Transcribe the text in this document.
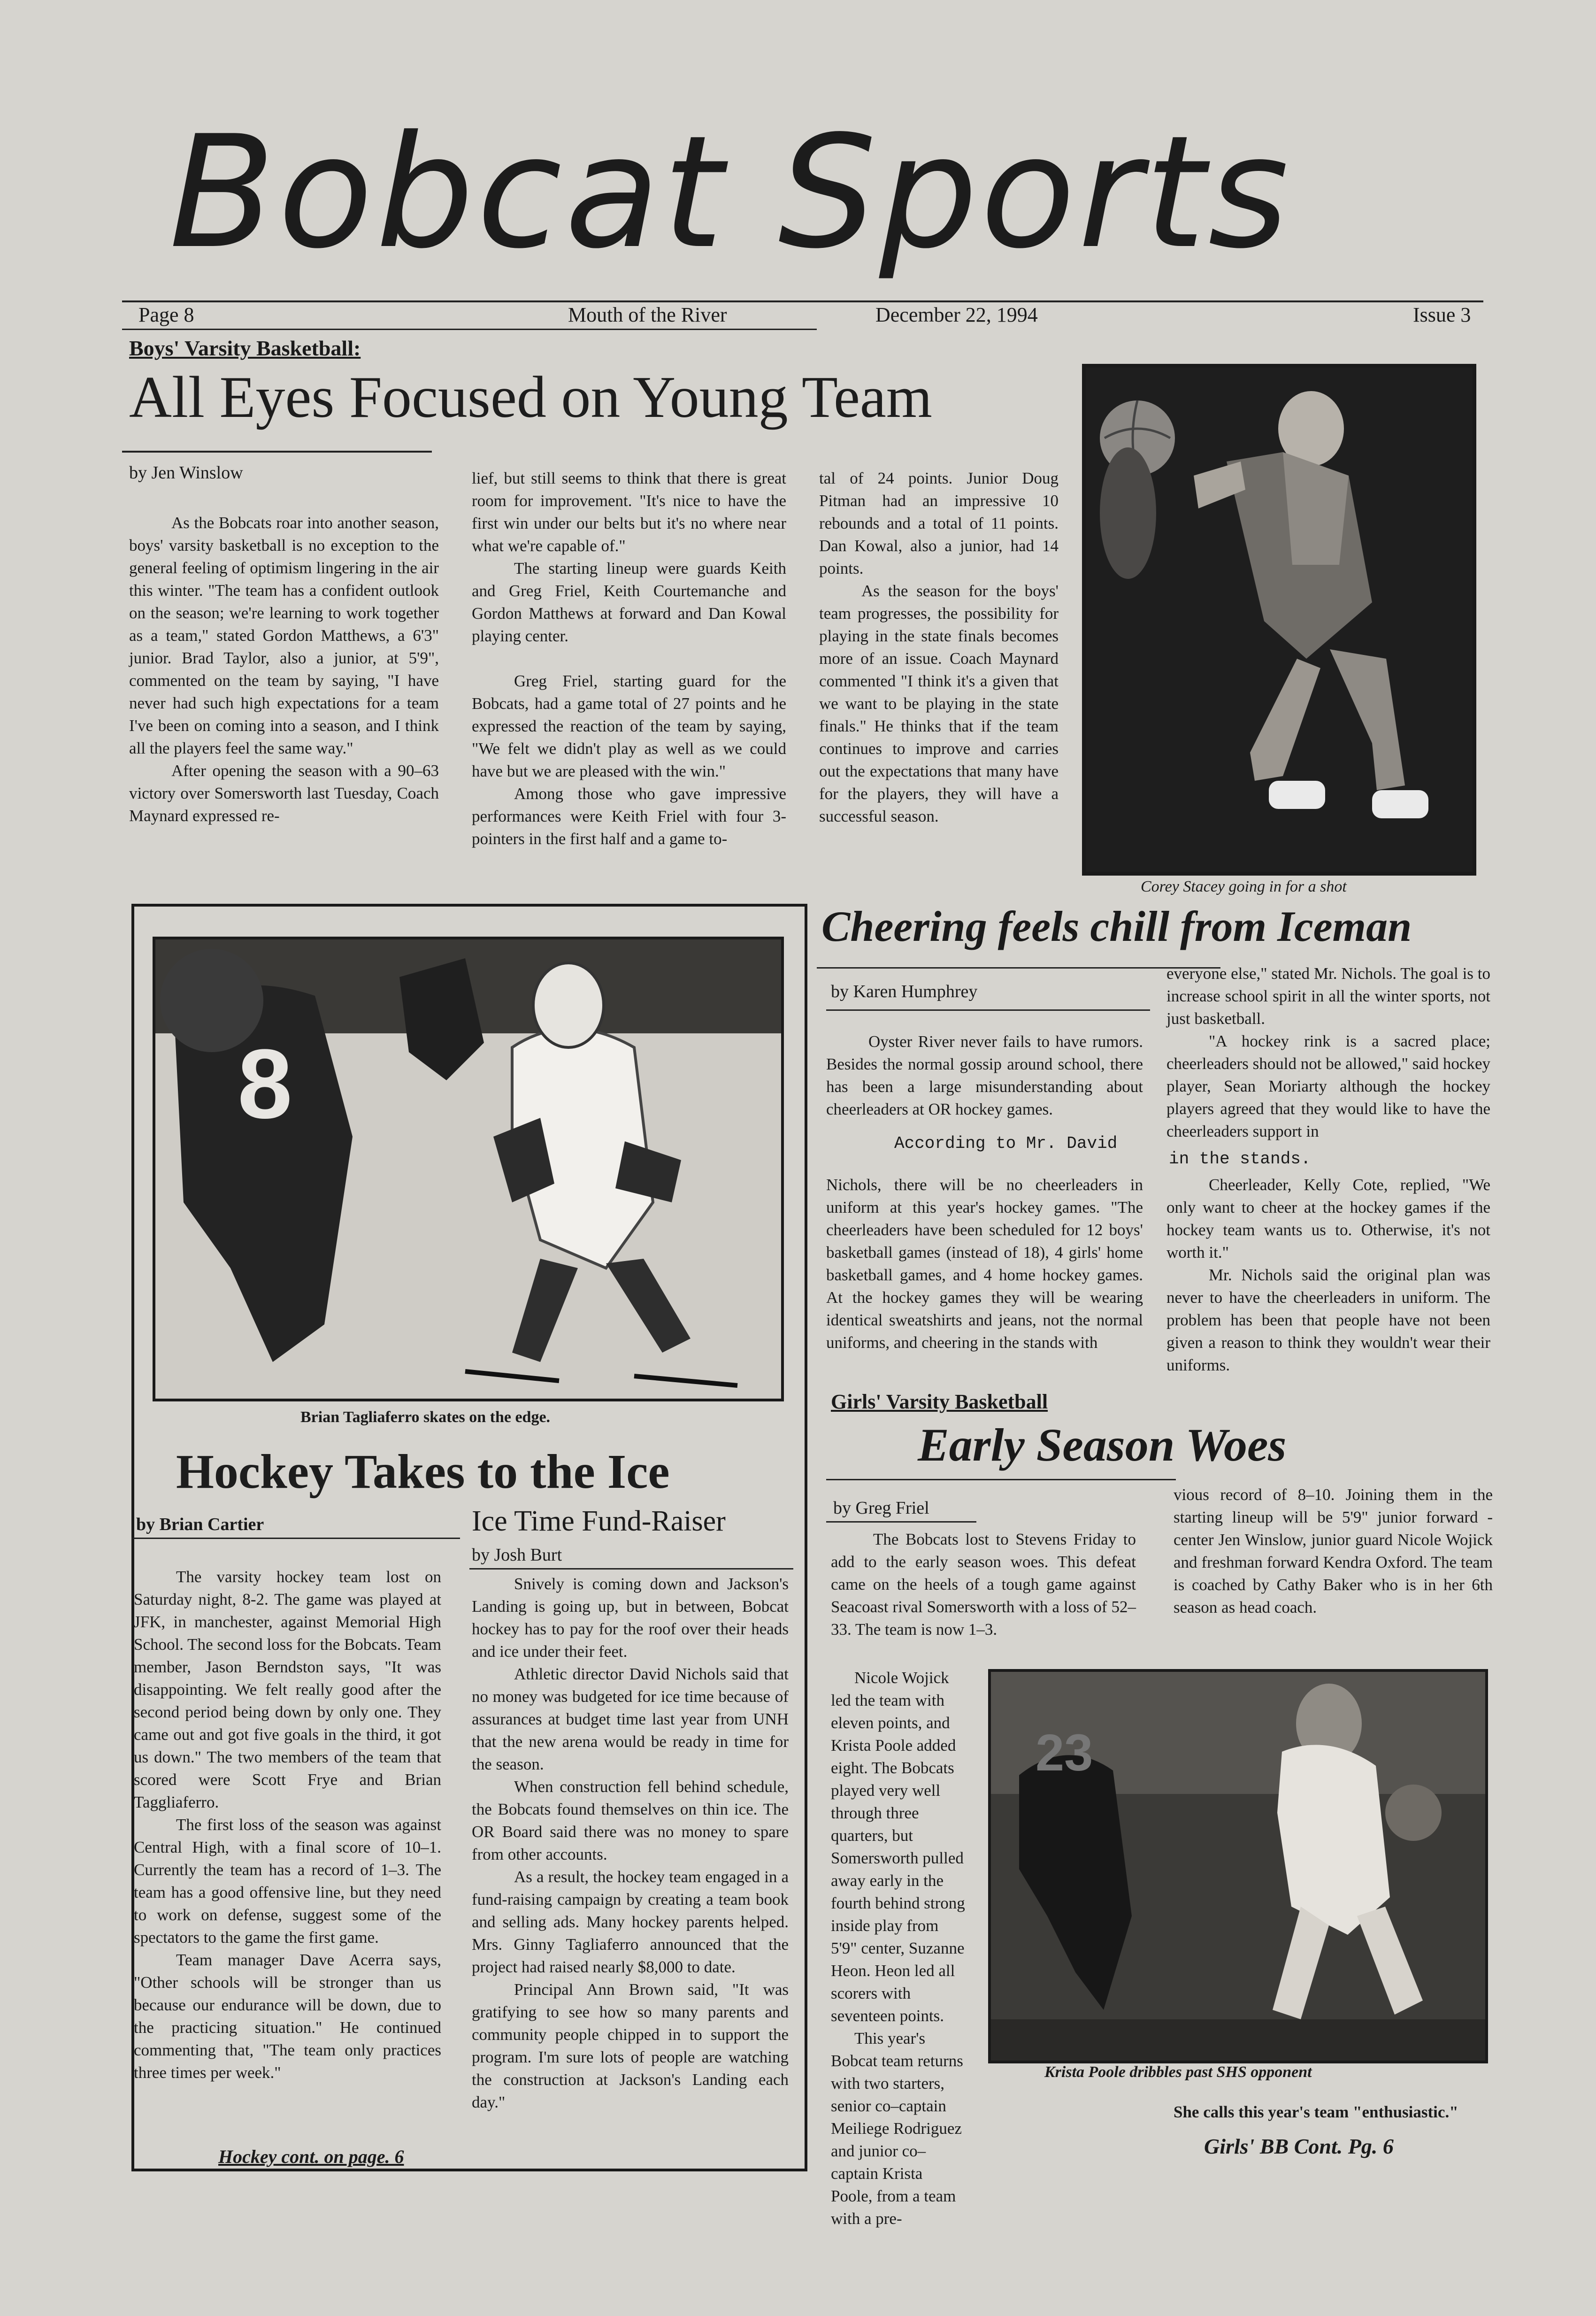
Bobcat Sports
Page 8	Mouth of the River	December 22, 1994	Issue 3
Boys' Varsity Basketball:
All Eyes Focused on Young Team
by Jen Winslow

As the Bobcats roar into another season, boys' varsity basketball is no exception to the general feeling of optimism lingering in the air this winter. "The team has a confident outlook on the season; we're learning to work together as a team," stated Gordon Matthews, a 6'3" junior. Brad Taylor, also a junior, at 5'9", commented on the team by saying, "I have never had such high expectations for a team I've been on coming into a season, and I think all the players feel the same way."

After opening the season with a 90–63 victory over Somersworth last Tuesday, Coach Maynard expressed re-

lief, but still seems to think that there is great room for improvement. "It's nice to have the first win under our belts but it's no where near what we're capable of."

The starting lineup were guards Keith and Greg Friel, Keith Courtemanche and Gordon Matthews at forward and Dan Kowal playing center.

Greg Friel, starting guard for the Bobcats, had a game total of 27 points and he expressed the reaction of the team by saying, "We felt we didn't play as well as we could have but we are pleased with the win."

Among those who gave impressive performances were Keith Friel with four 3-pointers in the first half and a game to-

tal of 24 points. Junior Doug Pitman had an impressive 10 rebounds and a total of 11 points. Dan Kowal, also a junior, had 14 points.

As the season for the boys' team progresses, the possibility for playing in the state finals becomes more of an issue. Coach Maynard commented "I think it's a given that we want to be playing in the state finals." He thinks that if the team continues to improve and carries out the expectations that many have for the players, they will have a successful season.

Corey Stacey going in for a shot
8
Brian Tagliaferro skates on the edge.
Hockey Takes to the Ice
by Brian Cartier

The varsity hockey team lost on Saturday night, 8-2. The game was played at JFK, in manchester, against Memorial High School. The second loss for the Bobcats. Team member, Jason Berndston says, "It was disappointing. We felt really good after the second period being down by only one. They came out and got five goals in the third, it got us down." The two members of the team that scored were Scott Frye and Brian Taggliaferro.

The first loss of the season was against Central High, with a final score of 10–1. Currently the team has a record of 1–3. The team has a good offensive line, but they need to work on defense, suggest some of the spectators to the game the first game.

Team manager Dave Acerra says, "Other schools will be stronger than us because our endurance will be down, due to the practicing situation." He continued commenting that, "The team only practices three times per week."

Hockey cont. on page. 6
Ice Time Fund-Raiser
by Josh Burt

Snively is coming down and Jackson's Landing is going up, but in between, Bobcat hockey has to pay for the roof over their heads and ice under their feet.

Athletic director David Nichols said that no money was budgeted for ice time because of assurances at budget time last year from UNH that the new arena would be ready in time for the season.

When construction fell behind schedule, the Bobcats found themselves on thin ice. The OR Board said there was no money to spare from other accounts.

As a result, the hockey team engaged in a fund-raising campaign by creating a team book and selling ads. Many hockey parents helped. Mrs. Ginny Tagliaferro announced that the project had raised nearly $8,000 to date.

Principal Ann Brown said, "It was gratifying to see how so many parents and community people chipped in to support the program. I'm sure lots of people are watching the construction at Jackson's Landing each day."

Cheering feels chill from Iceman
by Karen Humphrey

Oyster River never fails to have rumors. Besides the normal gossip around school, there has been a large misunderstanding about cheerleaders at OR hockey games.

According to Mr. David

Nichols, there will be no cheerleaders in uniform at this year's hockey games. "The cheerleaders have been scheduled for 12 boys' basketball games (instead of 18), 4 girls' home basketball games, and 4 home hockey games. At the hockey games they will be wearing identical sweatshirts and jeans, not the normal uniforms, and cheering in the stands with

everyone else," stated Mr. Nichols. The goal is to increase school spirit in all the winter sports, not just basketball.

"A hockey rink is a sacred place; cheerleaders should not be allowed," said hockey player, Sean Moriarty although the hockey players agreed that they would like to have the cheerleaders support in

in the stands.

Cheerleader, Kelly Cote, replied, "We only want to cheer at the hockey games if the hockey team wants us to. Otherwise, it's not worth it."

Mr. Nichols said the original plan was never to have the cheerleaders in uniform. The problem has been that people have not been given a reason to think they wouldn't wear their uniforms.

Girls' Varsity Basketball
Early Season Woes
by Greg Friel

The Bobcats lost to Stevens Friday to add to the early season woes. This defeat came on the heels of a tough game against Seacoast rival Somersworth with a loss of 52–33. The team is now 1–3.

Nicole Wojick led the team with eleven points, and Krista Poole added eight. The Bobcats played very well through three quarters, but Somersworth pulled away early in the fourth behind strong inside play from 5'9" center, Suzanne Heon. Heon led all scorers with seventeen points.

This year's Bobcat team returns with two starters, senior co–captain Meiliege Rodriguez and junior co–captain Krista Poole, from a team with a pre-

vious record of 8–10. Joining them in the starting lineup will be 5'9" junior forward - center Jen Winslow, junior guard Nicole Wojick and freshman forward Kendra Oxford. The team is coached by Cathy Baker who is in her 6th season as head coach.

23
Krista Poole dribbles past SHS opponent
She calls this year's team "enthusiastic."
Girls' BB Cont. Pg. 6
